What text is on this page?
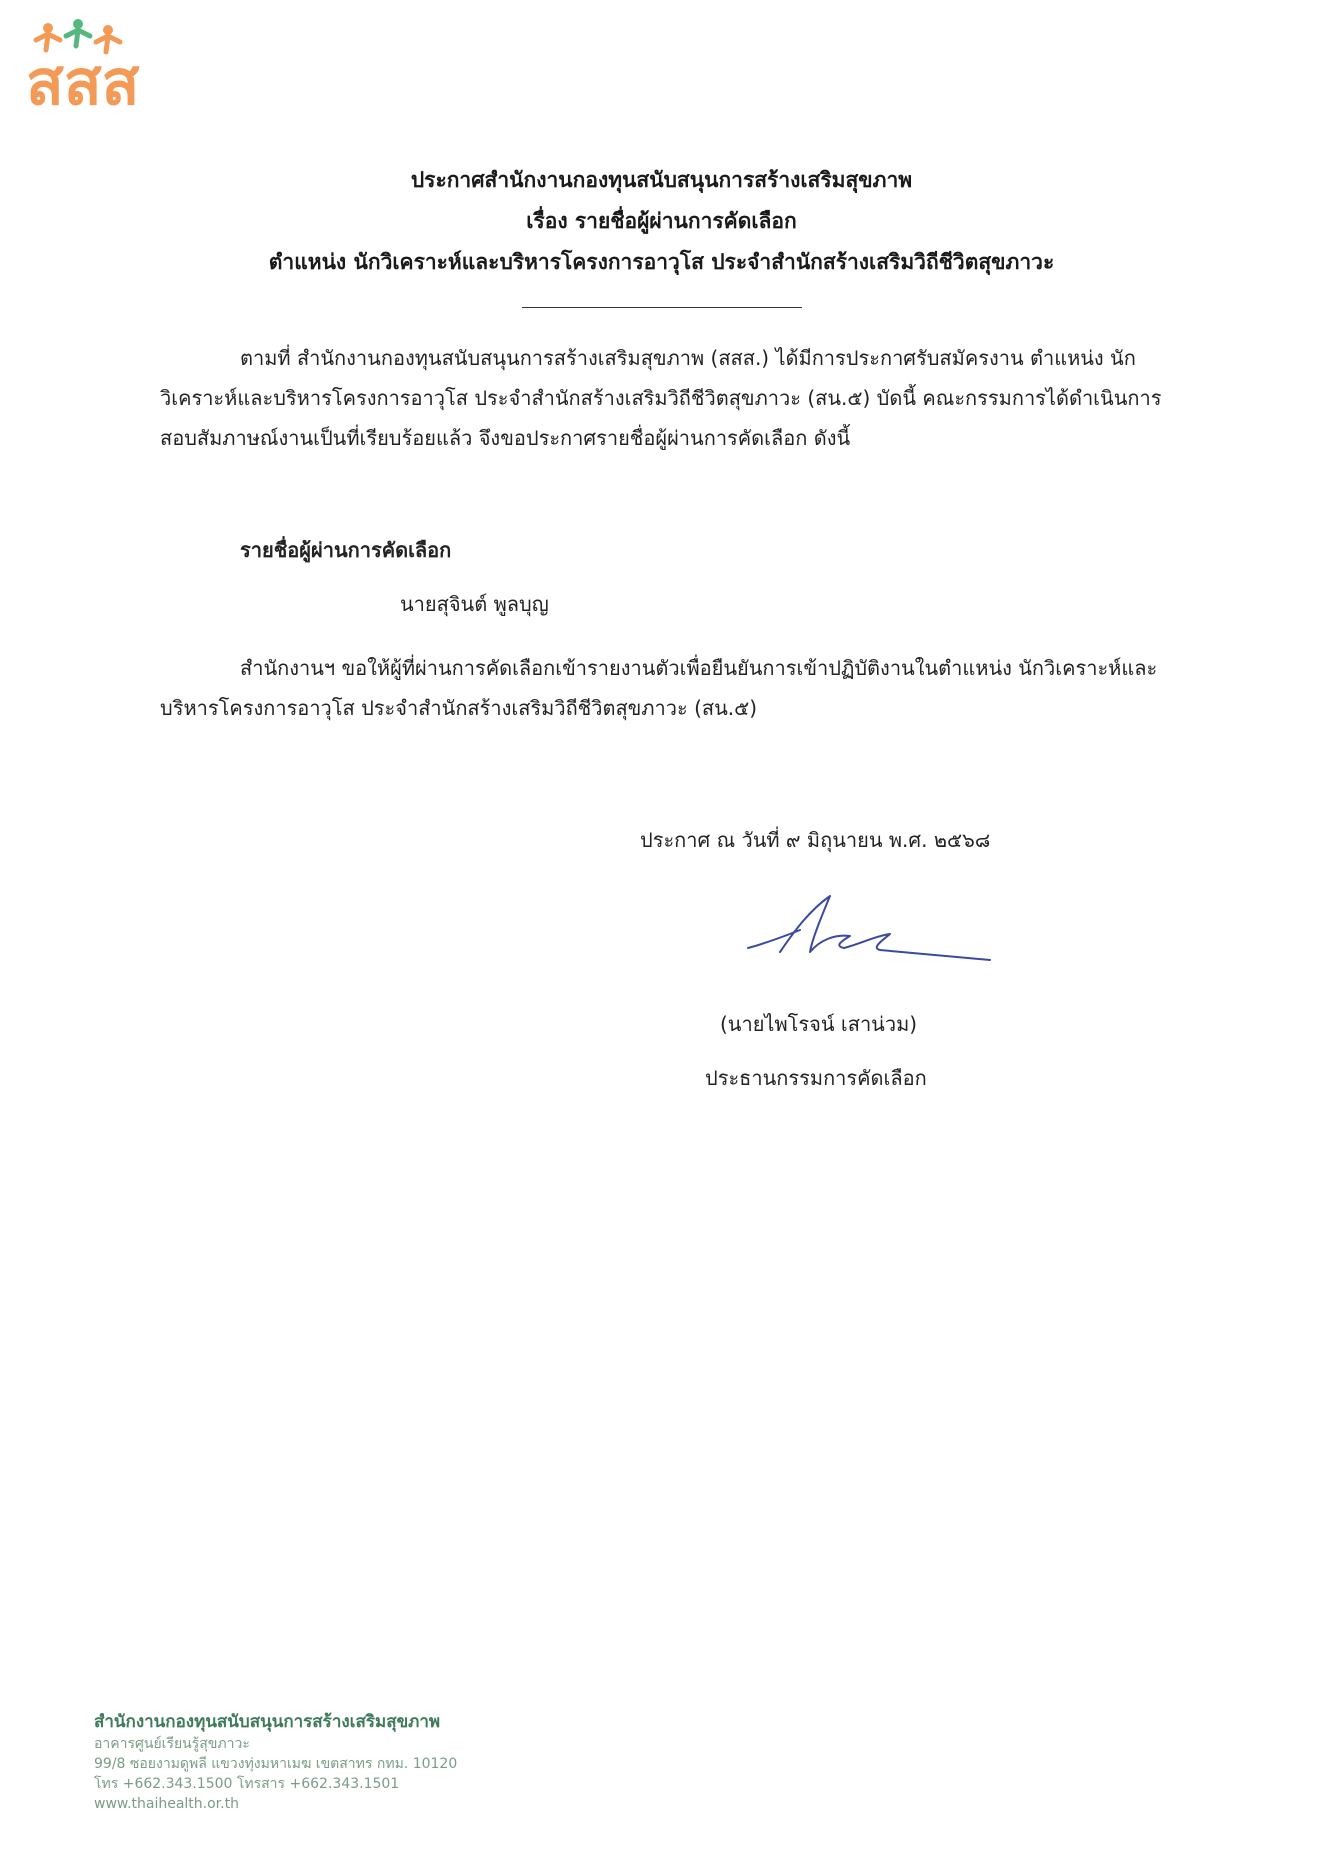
สสส
ประกาศสำนักงานกองทุนสนับสนุนการสร้างเสริมสุขภาพ
เรื่อง รายชื่อผู้ผ่านการคัดเลือก
ตำแหน่ง นักวิเคราะห์และบริหารโครงการอาวุโส ประจำสำนักสร้างเสริมวิถีชีวิตสุขภาวะ
ตามที่ สำนักงานกองทุนสนับสนุนการสร้างเสริมสุขภาพ (สสส.) ได้มีการประกาศรับสมัครงาน ตำแหน่ง นักวิเคราะห์และบริหารโครงการอาวุโส ประจำสำนักสร้างเสริมวิถีชีวิตสุขภาวะ (สน.๕) บัดนี้ คณะกรรมการได้ดำเนินการสอบสัมภาษณ์งานเป็นที่เรียบร้อยแล้ว จึงขอประกาศรายชื่อผู้ผ่านการคัดเลือก ดังนี้
รายชื่อผู้ผ่านการคัดเลือก
นายสุจินต์ พูลบุญ
สำนักงานฯ ขอให้ผู้ที่ผ่านการคัดเลือกเข้ารายงานตัวเพื่อยืนยันการเข้าปฏิบัติงานในตำแหน่ง นักวิเคราะห์และบริหารโครงการอาวุโส ประจำสำนักสร้างเสริมวิถีชีวิตสุขภาวะ (สน.๕)
ประกาศ ณ วันที่ ๙ มิถุนายน พ.ศ. ๒๕๖๘
(นายไพโรจน์ เสาน่วม)
ประธานกรรมการคัดเลือก
สำนักงานกองทุนสนับสนุนการสร้างเสริมสุขภาพ
อาคารศูนย์เรียนรู้สุขภาวะ
99/8 ซอยงามดูพลี แขวงทุ่งมหาเมฆ เขตสาทร กทม. 10120
โทร +662.343.1500 โทรสาร +662.343.1501
www.thaihealth.or.th
